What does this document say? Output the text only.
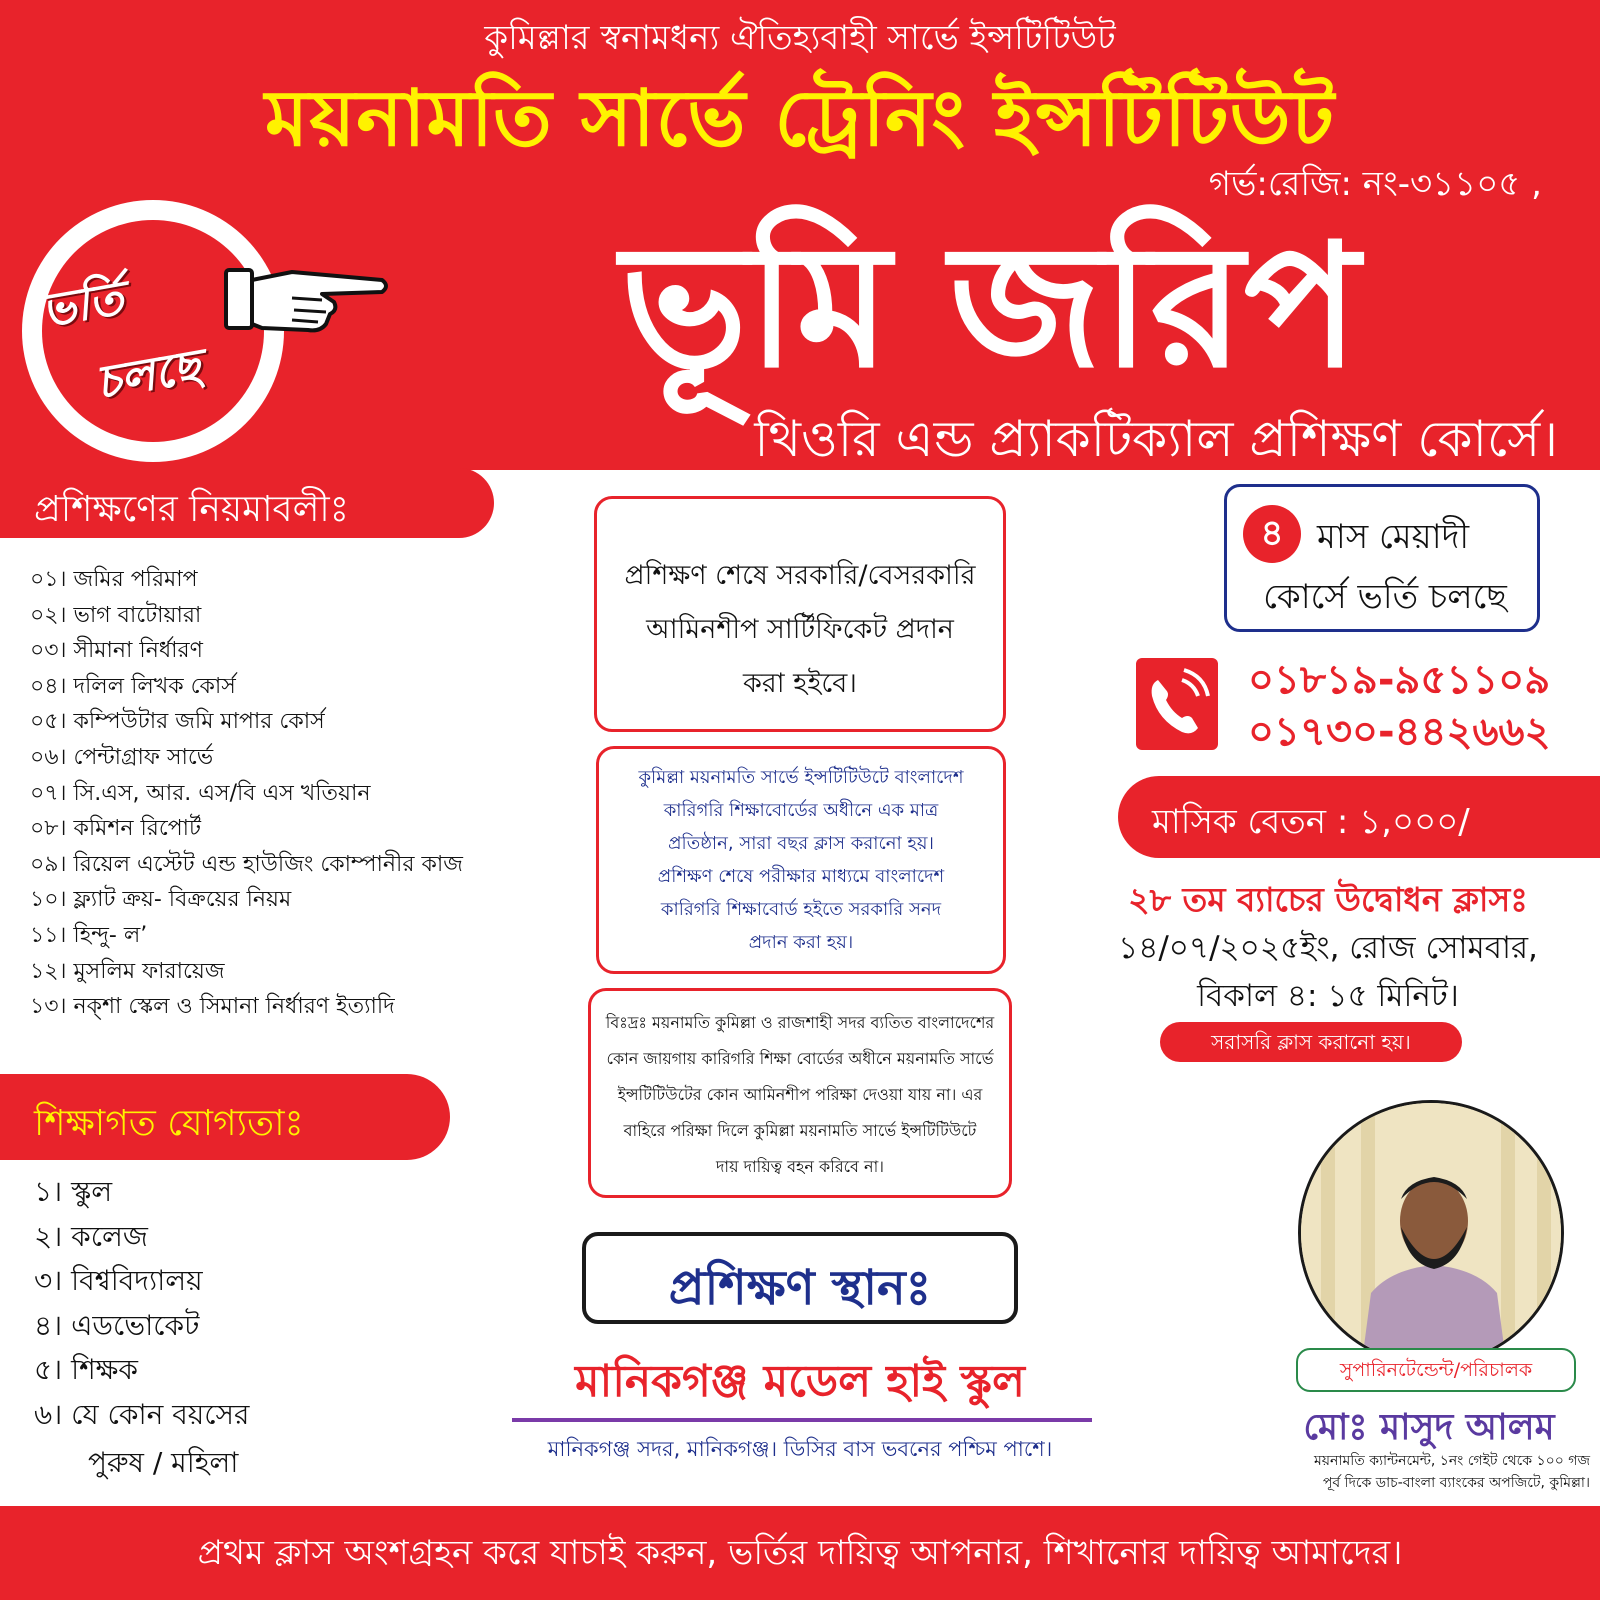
কুমিল্লার স্বনামধন্য ঐতিহ্যবাহী সার্ভে ইন্সটিটিউট
ময়নামতি সার্ভে ট্রেনিং ইন্সটিটিউট
গর্ভ:রেজি: নং-৩১১০৫ ,
ভর্তি
চলছে	ভূমি জরিপ
থিওরি এন্ড প্র্যাকটিক্যাল প্রশিক্ষণ কোর্সে।
প্রশিক্ষণের নিয়মাবলীঃ
০১। জমির পরিমাপ
০২। ভাগ বাটোয়ারা
০৩। সীমানা নির্ধারণ
০৪। দলিল লিখক কোর্স
০৫। কম্পিউটার জমি মাপার কোর্স
০৬। পেন্টাগ্রাফ সার্ভে
০৭। সি.এস, আর. এস/বি এস খতিয়ান
০৮। কমিশন রিপোর্ট
০৯। রিয়েল এস্টেট এন্ড হাউজিং কোম্পানীর কাজ
১০। ফ্ল্যাট ক্রয়- বিক্রয়ের নিয়ম
১১। হিন্দু- ল’
১২। মুসলিম ফারায়েজ
১৩। নক্শা স্কেল ও সিমানা নির্ধারণ ইত্যাদি
শিক্ষাগত যোগ্যতাঃ
১। স্কুল
২। কলেজ
৩। বিশ্ববিদ্যালয়
৪। এডভোকেট
৫। শিক্ষক
৬। যে কোন বয়সের
পুরুষ / মহিলা
প্রশিক্ষণ শেষে সরকারি/বেসরকারি
আমিনশীপ সার্টিফিকেট প্রদান
করা হইবে।
কুমিল্লা ময়নামতি সার্ভে ইন্সটিটিউটে বাংলাদেশ
কারিগরি শিক্ষাবোর্ডের অধীনে এক মাত্র
প্রতিষ্ঠান, সারা বছর ক্লাস করানো হয়।
প্রশিক্ষণ শেষে পরীক্ষার মাধ্যমে বাংলাদেশ
কারিগরি শিক্ষাবোর্ড হইতে সরকারি সনদ
প্রদান করা হয়।
বিঃদ্রঃ ময়নামতি কুমিল্লা ও রাজশাহী সদর ব্যতিত বাংলাদেশের
কোন জায়গায় কারিগরি শিক্ষা বোর্ডের অধীনে ময়নামতি সার্ভে
ইন্সটিটিউটের কোন আমিনশীপ পরিক্ষা দেওয়া যায় না। এর
বাহিরে পরিক্ষা দিলে কুমিল্লা ময়নামতি সার্ভে ইন্সটিটিউটে
দায় দায়িত্ব বহন করিবে না।
প্রশিক্ষণ স্থানঃ
মানিকগঞ্জ মডেল হাই স্কুল
মানিকগঞ্জ সদর, মানিকগঞ্জ। ডিসির বাস ভবনের পশ্চিম পাশে।
৪ মাস মেয়াদী
কোর্সে ভর্তি চলছে
০১৮১৯-৯৫১১০৯
০১৭৩০-৪৪২৬৬২
মাসিক বেতন : ১,০০০/
২৮ তম ব্যাচের উদ্বোধন ক্লাসঃ
১৪/০৭/২০২৫ইং, রোজ সোমবার,
বিকাল ৪: ১৫ মিনিট।
সরাসরি ক্লাস করানো হয়।
সুপারিনটেন্ডেন্ট/পরিচালক
মোঃ মাসুদ আলম
ময়নামতি ক্যান্টনমেন্ট, ১নং গেইট থেকে ১০০ গজ
পূর্ব দিকে ডাচ-বাংলা ব্যাংকের অপজিটে, কুমিল্লা।
প্রথম ক্লাস অংশগ্রহন করে যাচাই করুন, ভর্তির দায়িত্ব আপনার, শিখানোর দায়িত্ব আমাদের।
